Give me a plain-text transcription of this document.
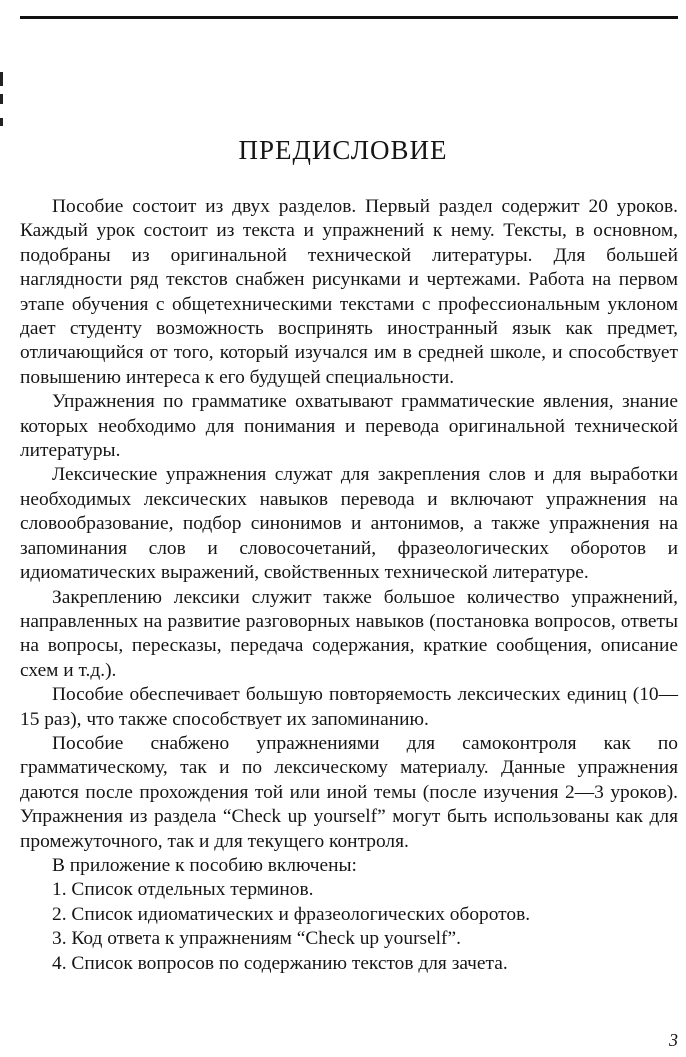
ПРЕДИСЛОВИЕ

Пособие состоит из двух разделов. Первый раздел содержит 20 уроков. Каждый урок состоит из текста и упражнений к нему. Тексты, в основном, подобраны из оригинальной технической литературы. Для большей наглядности ряд текстов снабжен рисунками и чертежами. Работа на первом этапе обучения с общетехническими текстами с профессиональным уклоном дает студенту возможность воспринять иностранный язык как предмет, отличающийся от того, который изучался им в средней школе, и способствует повышению интереса к его будущей специальности.

Упражнения по грамматике охватывают грамматические явления, знание которых необходимо для понимания и перевода оригинальной технической литературы.

Лексические упражнения служат для закрепления слов и для выработки необходимых лексических навыков перевода и включают упражнения на словообразование, подбор синонимов и антонимов, а также упражнения на запоминания слов и словосочетаний, фразеологических оборотов и идиоматических выражений, свойственных технической литературе.

Закреплению лексики служит также большое количество упражнений, направленных на развитие разговорных навыков (постановка вопросов, ответы на вопросы, пересказы, передача содержания, краткие сообщения, описание схем и т.д.).

Пособие обеспечивает большую повторяемость лексических единиц (10—15 раз), что также способствует их запоминанию.

Пособие снабжено упражнениями для самоконтроля как по грамматическому, так и по лексическому материалу. Данные упражнения даются после прохождения той или иной темы (после изучения 2—3 уроков). Упражнения из раздела “Check up yourself” могут быть использованы как для промежуточного, так и для текущего контроля.

В приложение к пособию включены:

1. Список отдельных терминов.

2. Список идиоматических и фразеологических оборотов.

3. Код ответа к упражнениям “Check up yourself”.

4. Список вопросов по содержанию текстов для зачета.

3
